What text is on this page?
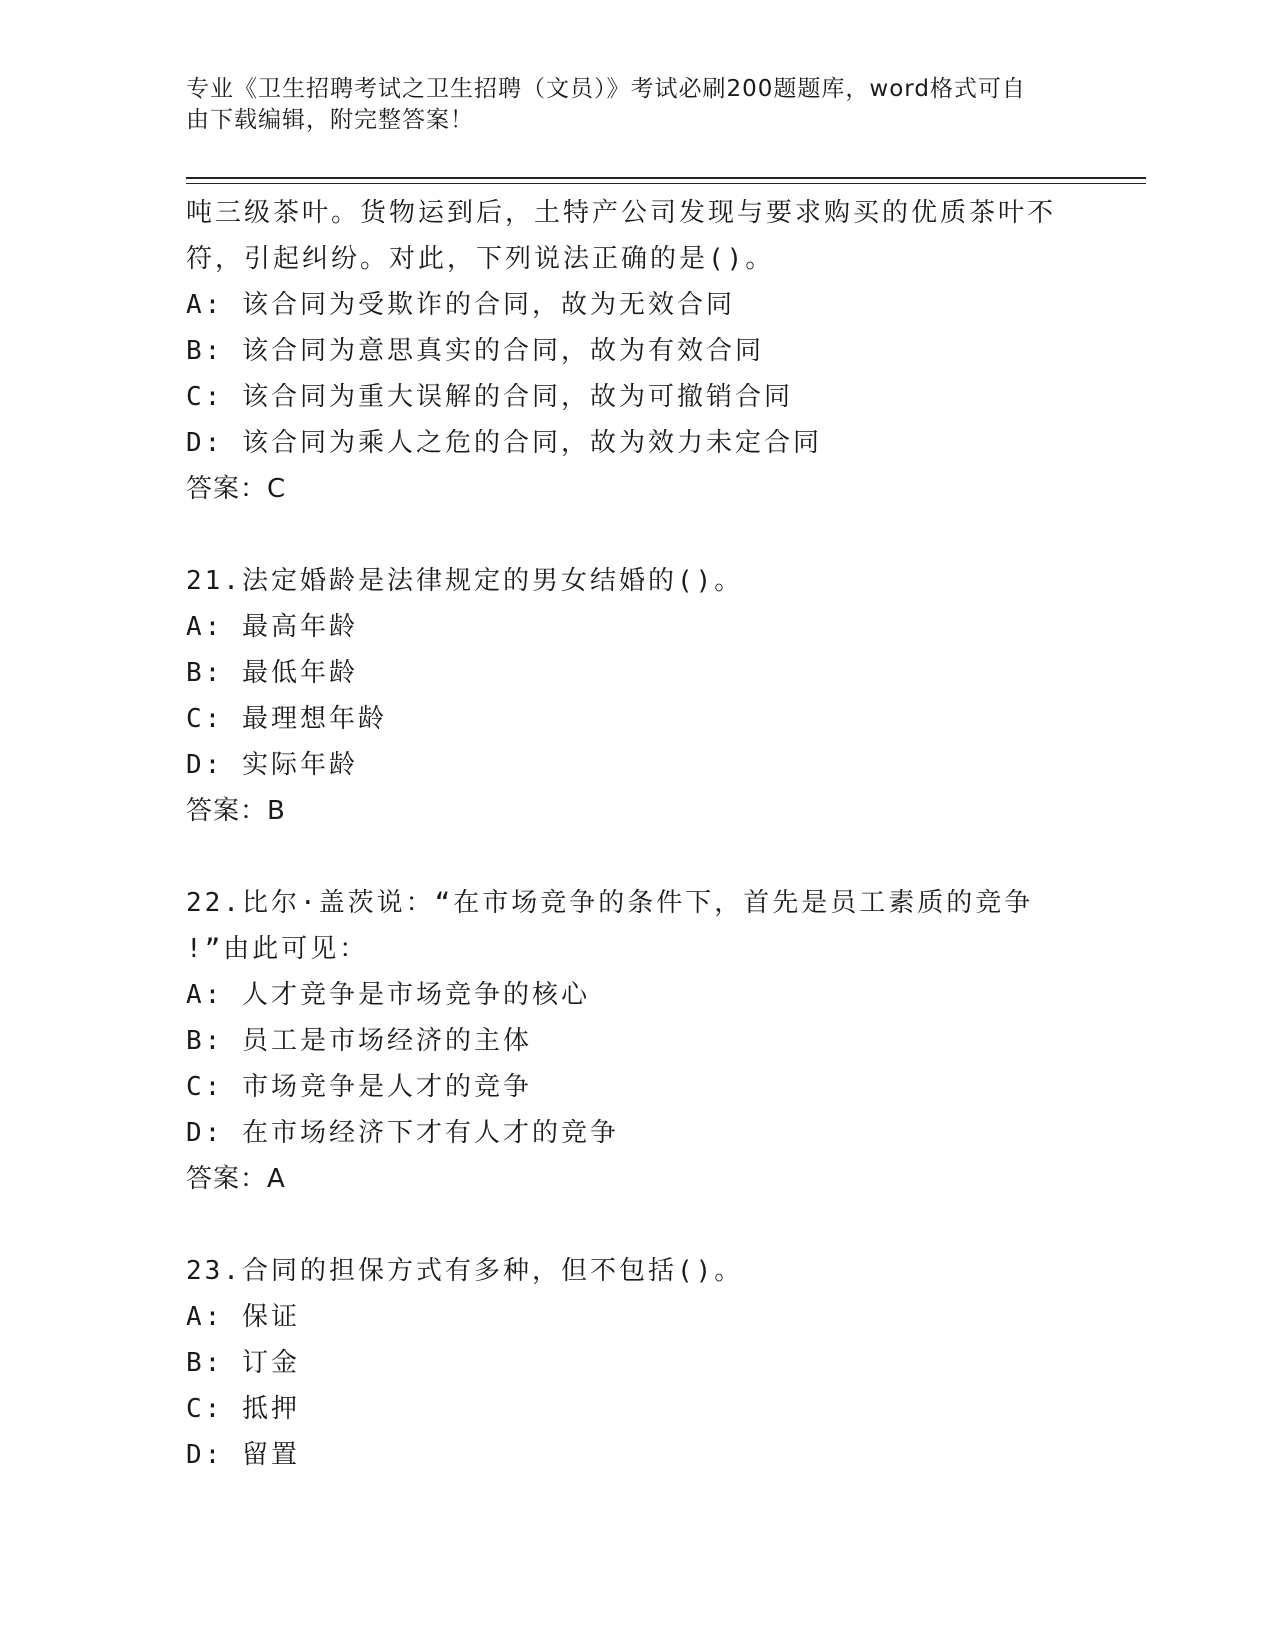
专业《卫生招聘考试之卫生招聘（文员）》考试必刷200题题库，word格式可自
由下载编辑，附完整答案！
吨三级茶叶。货物运到后，土特产公司发现与要求购买的优质茶叶不
符，引起纠纷。对此，下列说法正确的是()。
A: 该合同为受欺诈的合同，故为无效合同
B: 该合同为意思真实的合同，故为有效合同
C: 该合同为重大误解的合同，故为可撤销合同
D: 该合同为乘人之危的合同，故为效力未定合同
答案：C
21.法定婚龄是法律规定的男女结婚的()。
A: 最高年龄
B: 最低年龄
C: 最理想年龄
D: 实际年龄
答案：B
22.比尔·盖茨说：“在市场竞争的条件下，首先是员工素质的竞争
!”由此可见：
A: 人才竞争是市场竞争的核心
B: 员工是市场经济的主体
C: 市场竞争是人才的竞争
D: 在市场经济下才有人才的竞争
答案：A
23.合同的担保方式有多种，但不包括()。
A: 保证
B: 订金
C: 抵押
D: 留置
